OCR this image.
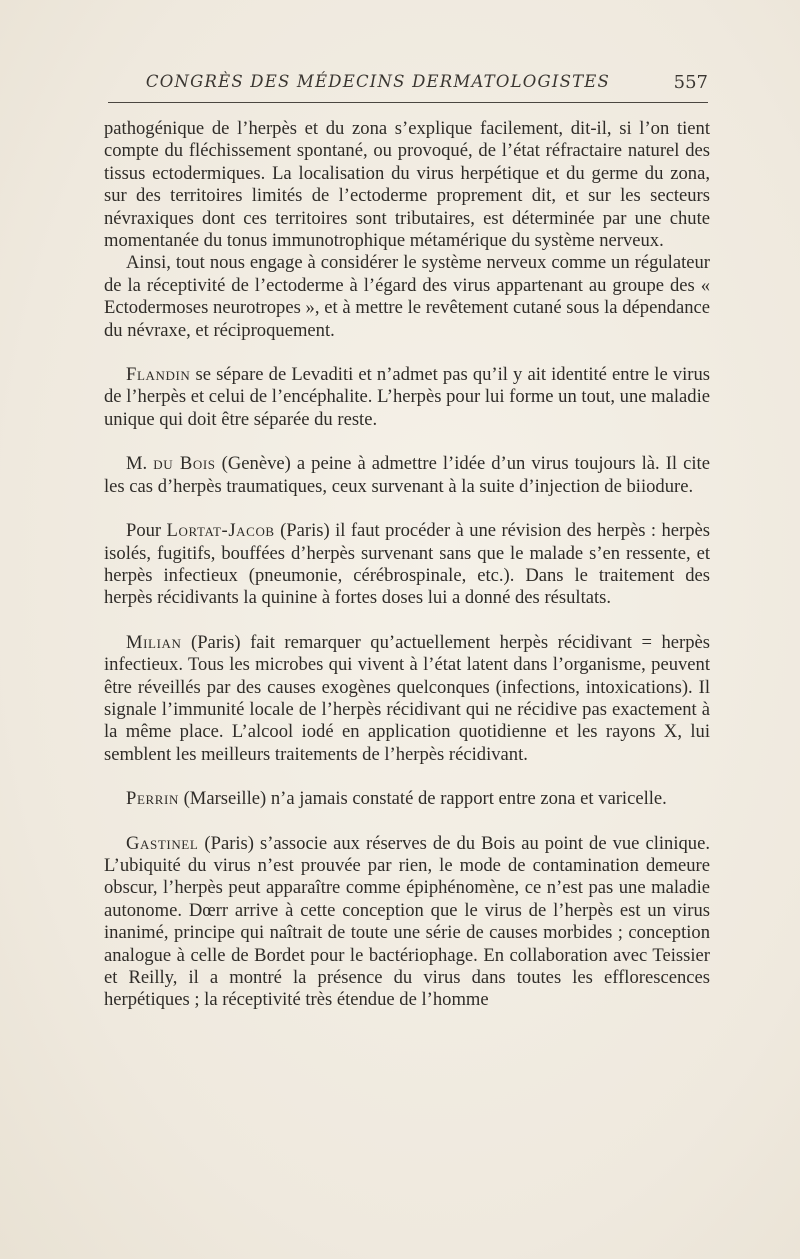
CONGRÈS DES MÉDECINS DERMATOLOGISTES	557

pathogénique de l’herpès et du zona s’explique facilement, dit-il, si l’on tient compte du fléchissement spontané, ou provoqué, de l’état réfractaire naturel des tissus ectodermiques. La localisation du virus herpétique et du germe du zona, sur des territoires limités de l’ectoderme proprement dit, et sur les secteurs névraxiques dont ces territoires sont tributaires, est déterminée par une chute momentanée du tonus immunotrophique métamérique du système nerveux.

Ainsi, tout nous engage à considérer le système nerveux comme un régulateur de la réceptivité de l’ectoderme à l’égard des virus appartenant au groupe des « Ectodermoses neurotropes », et à mettre le revêtement cutané sous la dépendance du névraxe, et réciproquement.

Flandin se sépare de Levaditi et n’admet pas qu’il y ait identité entre le virus de l’herpès et celui de l’encéphalite. L’herpès pour lui forme un tout, une maladie unique qui doit être séparée du reste.

M. du Bois (Genève) a peine à admettre l’idée d’un virus toujours là. Il cite les cas d’herpès traumatiques, ceux survenant à la suite d’injection de biiodure.

Pour Lortat-Jacob (Paris) il faut procéder à une révision des herpès : herpès isolés, fugitifs, bouffées d’herpès survenant sans que le malade s’en ressente, et herpès infectieux (pneumonie, cérébrospinale, etc.). Dans le traitement des herpès récidivants la quinine à fortes doses lui a donné des résultats.

Milian (Paris) fait remarquer qu’actuellement herpès récidivant = herpès infectieux. Tous les microbes qui vivent à l’état latent dans l’organisme, peuvent être réveillés par des causes exogènes quelconques (infections, intoxications). Il signale l’immunité locale de l’herpès récidivant qui ne récidive pas exactement à la même place. L’alcool iodé en application quotidienne et les rayons X, lui semblent les meilleurs traitements de l’herpès récidivant.

Perrin (Marseille) n’a jamais constaté de rapport entre zona et varicelle.

Gastinel (Paris) s’associe aux réserves de du Bois au point de vue clinique. L’ubiquité du virus n’est prouvée par rien, le mode de contamination demeure obscur, l’herpès peut apparaître comme épiphénomène, ce n’est pas une maladie autonome. Dœrr arrive à cette conception que le virus de l’herpès est un virus inanimé, principe qui naîtrait de toute une série de causes morbides ; conception analogue à celle de Bordet pour le bactériophage. En collaboration avec Teissier et Reilly, il a montré la présence du virus dans toutes les efflorescences herpétiques ; la réceptivité très étendue de l’homme
